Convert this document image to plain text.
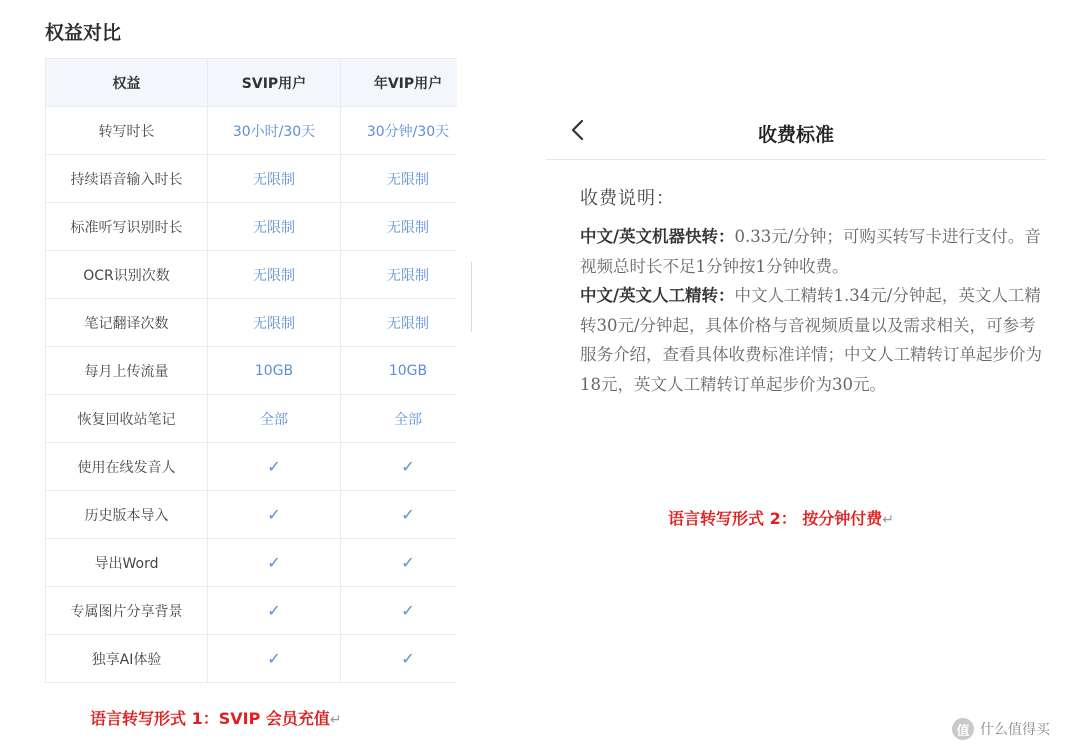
权益对比
权益	SVIP用户	年VIP用户
转写时长	30小时/30天	30分钟/30天
持续语音输入时长	无限制	无限制
标准听写识别时长	无限制	无限制
OCR识别次数	无限制	无限制
笔记翻译次数	无限制	无限制
每月上传流量	10GB	10GB
恢复回收站笔记	全部	全部
使用在线发音人	✓	✓
历史版本导入	✓	✓
导出Word	✓	✓
专属图片分享背景	✓	✓
独享AI体验	✓	✓
语言转写形式 1：SVIP 会员充值↵
收费标准
收费说明：
中文/英文机器快转：0.33元/分钟；可购买转写卡进行支付。音视频总时长不足1分钟按1分钟收费。
中文/英文人工精转：中文人工精转1.34元/分钟起，英文人工精转30元/分钟起，具体价格与音视频质量以及需求相关，可参考服务介绍，查看具体收费标准详情；中文人工精转订单起步价为18元，英文人工精转订单起步价为30元。
语言转写形式 2： 按分钟付费↵
值 什么值得买
